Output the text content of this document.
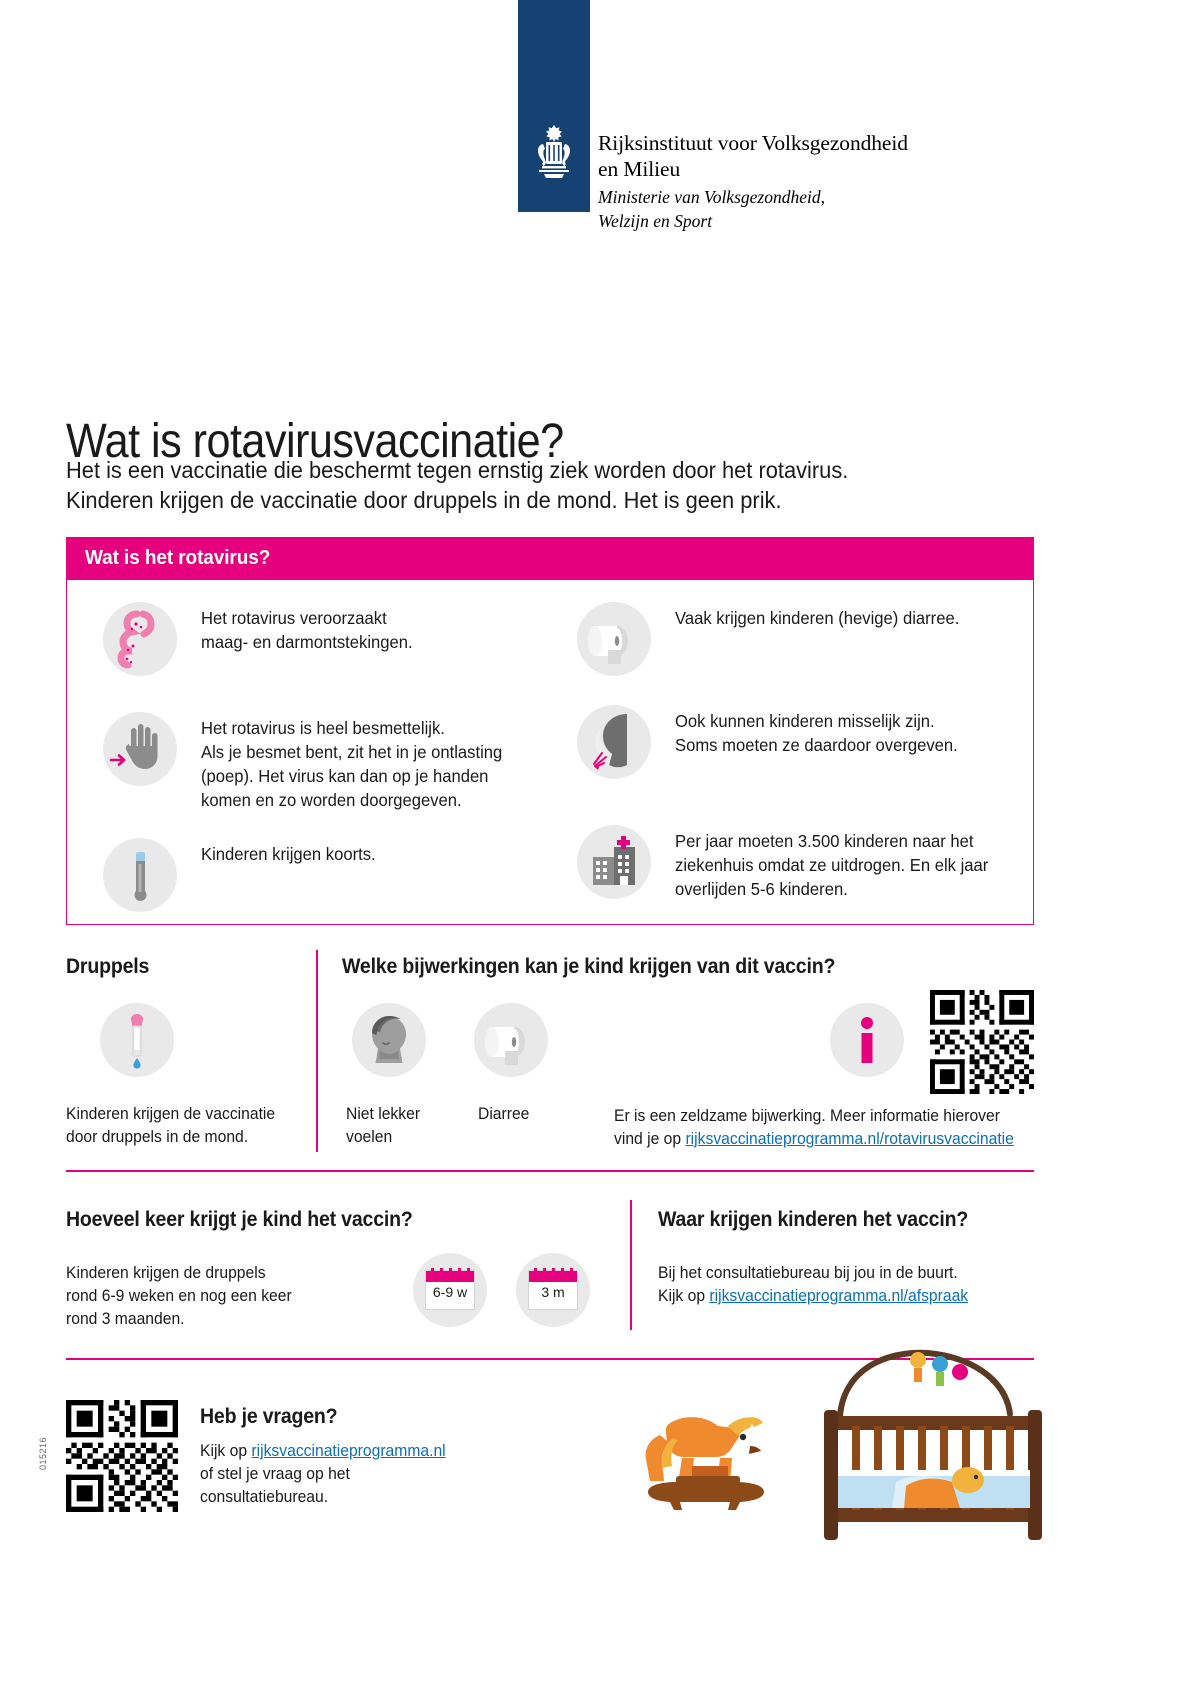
Rijksinstituut voor Volksgezondheid
en Milieu
Ministerie van Volksgezondheid,
Welzijn en Sport
Wat is rotavirusvaccinatie?
Het is een vaccinatie die beschermt tegen ernstig ziek worden door het rotavirus.
Kinderen krijgen de vaccinatie door druppels in de mond. Het is geen prik.
Wat is het rotavirus?
Het rotavirus veroorzaakt
maag- en darmontstekingen.
Het rotavirus is heel besmettelijk.
Als je besmet bent, zit het in je ontlasting
(poep). Het virus kan dan op je handen
komen en zo worden doorgegeven.
Kinderen krijgen koorts.
Vaak krijgen kinderen (hevige) diarree.
Ook kunnen kinderen misselijk zijn.
Soms moeten ze daardoor overgeven.
Per jaar moeten 3.500 kinderen naar het
ziekenhuis omdat ze uitdrogen. En elk jaar
overlijden 5-6 kinderen.
Druppels	Welke bijwerkingen kan je kind krijgen van dit vaccin?
Kinderen krijgen de vaccinatie
door druppels in de mond.
Niet lekker
voelen
Diarree	Er is een zeldzame bijwerking. Meer informatie hierover
vind je op rijksvaccinatieprogramma.nl/rotavirusvaccinatie
Hoeveel keer krijgt je kind het vaccin?	Waar krijgen kinderen het vaccin?
Kinderen krijgen de druppels
rond 6-9 weken en nog een keer
rond 3 maanden.
6-9 w	3 m
Bij het consultatiebureau bij jou in de buurt.
Kijk op rijksvaccinatieprogramma.nl/afspraak
Heb je vragen?
Kijk op rijksvaccinatieprogramma.nl
of stel je vraag op het
consultatiebureau.
015216
